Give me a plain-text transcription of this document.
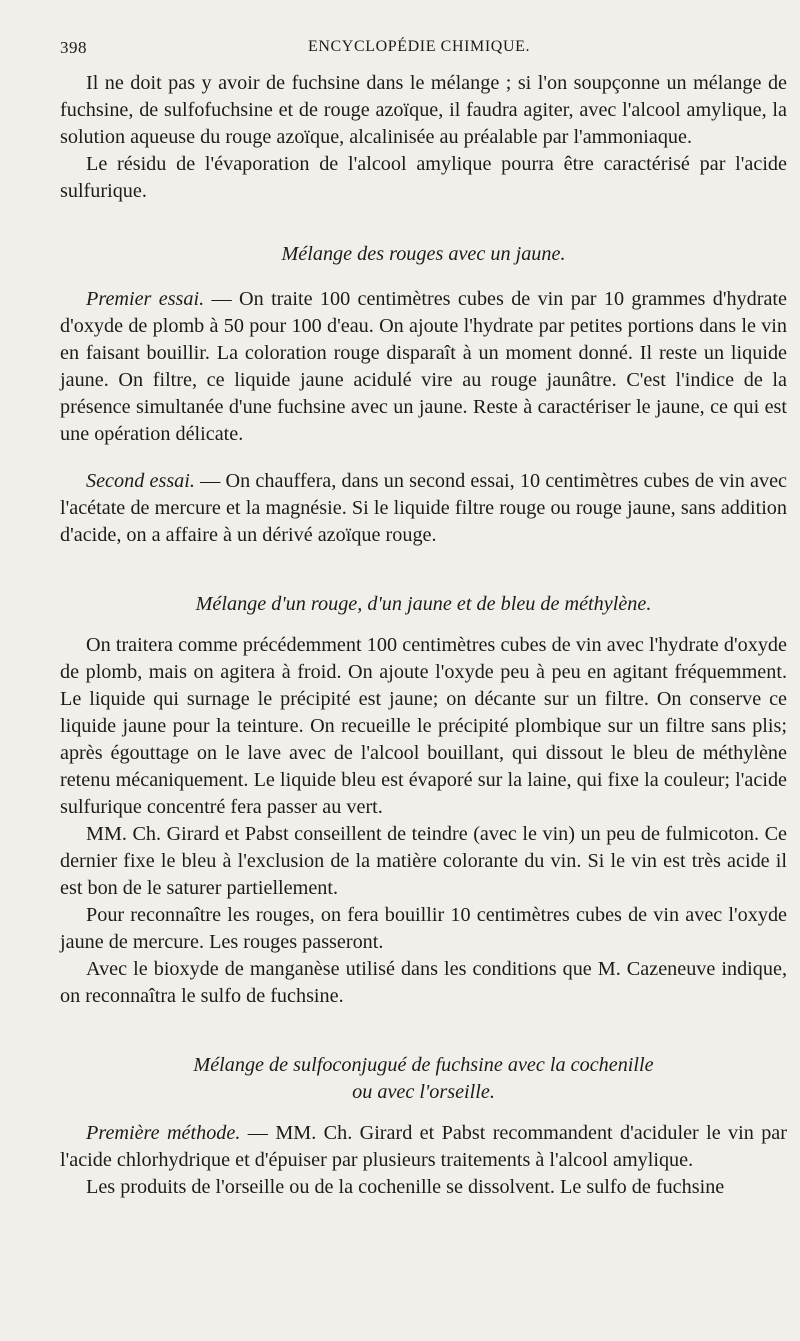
398	ENCYCLOPÉDIE CHIMIQUE.

Il ne doit pas y avoir de fuchsine dans le mélange ; si l'on soupçonne un mélange de fuchsine, de sulfofuchsine et de rouge azoïque, il faudra agiter, avec l'alcool amylique, la solution aqueuse du rouge azoïque, alcalinisée au préalable par l'ammoniaque.

Le résidu de l'évaporation de l'alcool amylique pourra être caractérisé par l'acide sulfurique.

Mélange des rouges avec un jaune.

Premier essai. — On traite 100 centimètres cubes de vin par 10 grammes d'hydrate d'oxyde de plomb à 50 pour 100 d'eau. On ajoute l'hydrate par petites portions dans le vin en faisant bouillir. La coloration rouge disparaît à un moment donné. Il reste un liquide jaune. On filtre, ce liquide jaune acidulé vire au rouge jaunâtre. C'est l'indice de la présence simultanée d'une fuchsine avec un jaune. Reste à caractériser le jaune, ce qui est une opération délicate.

Second essai. — On chauffera, dans un second essai, 10 centimètres cubes de vin avec l'acétate de mercure et la magnésie. Si le liquide filtre rouge ou rouge jaune, sans addition d'acide, on a affaire à un dérivé azoïque rouge.

Mélange d'un rouge, d'un jaune et de bleu de méthylène.

On traitera comme précédemment 100 centimètres cubes de vin avec l'hydrate d'oxyde de plomb, mais on agitera à froid. On ajoute l'oxyde peu à peu en agitant fréquemment. Le liquide qui surnage le précipité est jaune; on décante sur un filtre. On conserve ce liquide jaune pour la teinture. On recueille le précipité plombique sur un filtre sans plis; après égouttage on le lave avec de l'alcool bouillant, qui dissout le bleu de méthylène retenu mécaniquement. Le liquide bleu est évaporé sur la laine, qui fixe la couleur; l'acide sulfurique concentré fera passer au vert.

MM. Ch. Girard et Pabst conseillent de teindre (avec le vin) un peu de fulmicoton. Ce dernier fixe le bleu à l'exclusion de la matière colorante du vin. Si le vin est très acide il est bon de le saturer partiellement.

Pour reconnaître les rouges, on fera bouillir 10 centimètres cubes de vin avec l'oxyde jaune de mercure. Les rouges passeront.

Avec le bioxyde de manganèse utilisé dans les conditions que M. Cazeneuve indique, on reconnaîtra le sulfo de fuchsine.

Mélange de sulfoconjugué de fuchsine avec la cochenille
ou avec l'orseille.

Première méthode. — MM. Ch. Girard et Pabst recommandent d'aciduler le vin par l'acide chlorhydrique et d'épuiser par plusieurs traitements à l'alcool amylique.

Les produits de l'orseille ou de la cochenille se dissolvent. Le sulfo de fuchsine
